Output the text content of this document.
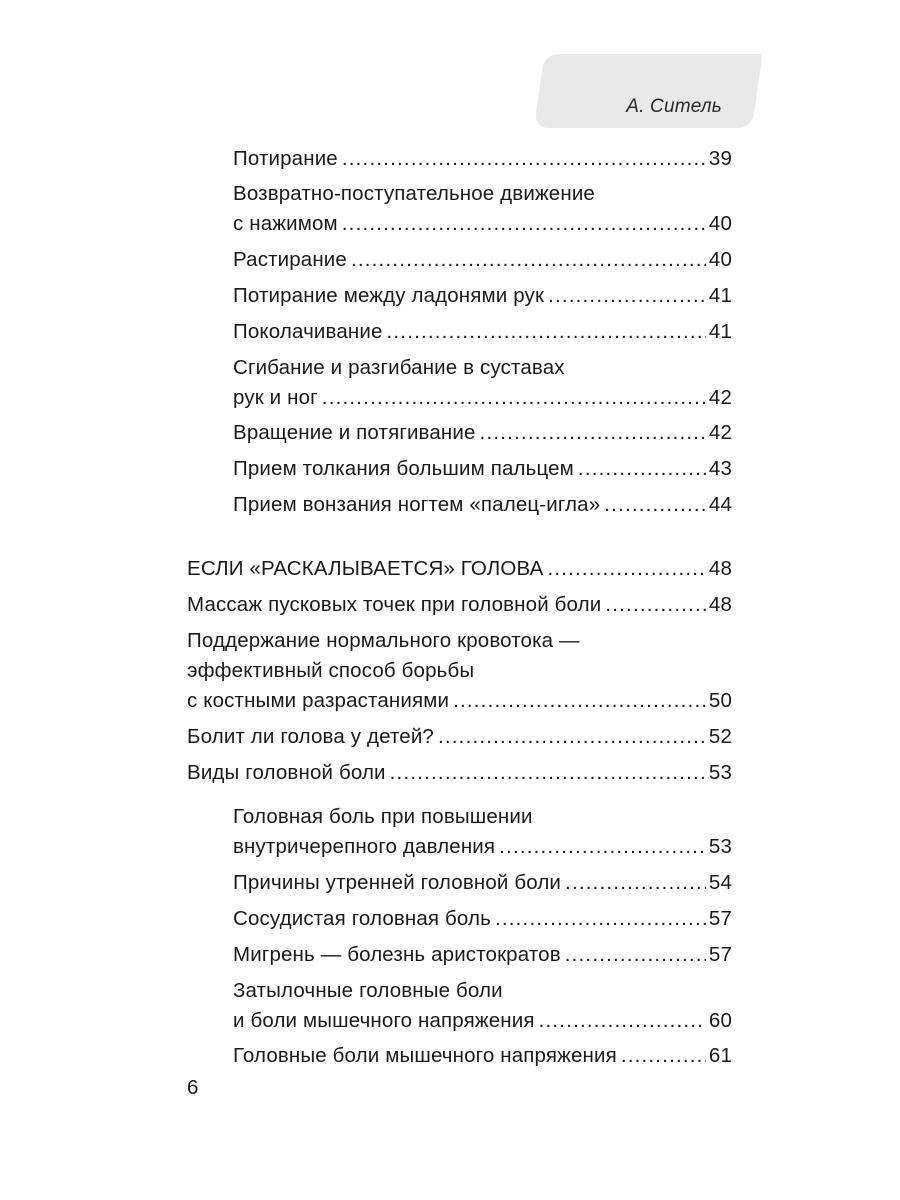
А. Ситель
Потирание .....	39
Возвратно-поступательное движение
с нажимом .....	40
Растирание .....	40
Потирание между ладонями рук .....	41
Поколачивание .....	41
Сгибание и разгибание в суставах
рук и ног .....	42
Вращение и потягивание .....	42
Прием толкания большим пальцем .....	43
Прием вонзания ногтем «палец-игла» .....	44
ЕСЛИ «РАСКАЛЫВАЕТСЯ» ГОЛОВА .....	48
Массаж пусковых точек при головной боли .....	48
Поддержание нормального кровотока — эффективный способ борьбы
с костными разрастаниями .....	50
Болит ли голова у детей? .....	52
Виды головной боли .....	53
Головная боль при повышении
внутричерепного давления .....	53
Причины утренней головной боли .....	54
Сосудистая головная боль .....	57
Мигрень — болезнь аристократов .....	57
Затылочные головные боли
и боли мышечного напряжения .....	60
Головные боли мышечного напряжения .....	61
6
